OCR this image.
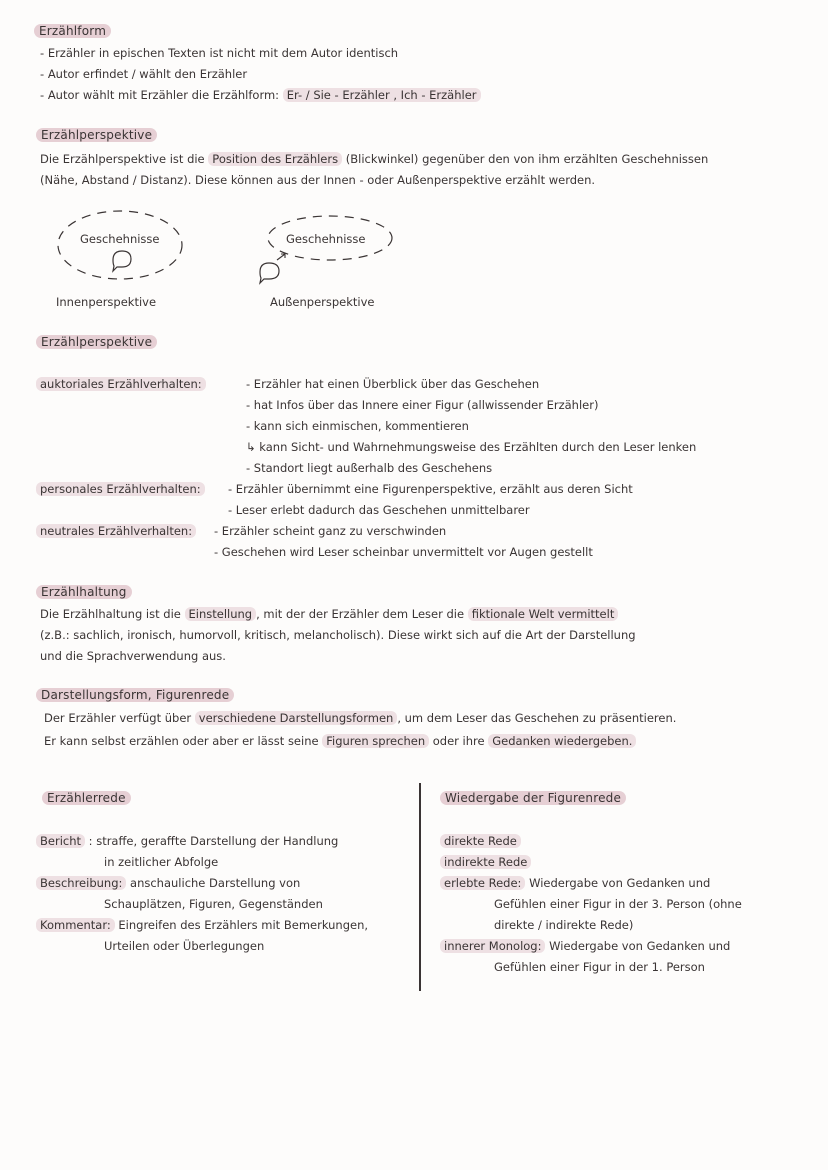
Erzählform
- Erzähler in epischen Texten ist nicht mit dem Autor identisch
- Autor erfindet / wählt den Erzähler
- Autor wählt mit Erzähler die Erzählform: Er- / Sie - Erzähler , Ich - Erzähler
Erzählperspektive
Die Erzählperspektive ist die Position des Erzählers (Blickwinkel) gegenüber den von ihm erzählten Geschehnissen
(Nähe, Abstand / Distanz). Diese können aus der Innen - oder Außenperspektive erzählt werden.
Geschehnisse
Innenperspektive
Geschehnisse
Außenperspektive
Erzählperspektive
auktoriales Erzählverhalten:	- Erzähler hat einen Überblick über das Geschehen
- hat Infos über das Innere einer Figur (allwissender Erzähler)
- kann sich einmischen, kommentieren
↳ kann Sicht- und Wahrnehmungsweise des Erzählten durch den Leser lenken
- Standort liegt außerhalb des Geschehens
personales Erzählverhalten:	- Erzähler übernimmt eine Figurenperspektive, erzählt aus deren Sicht
- Leser erlebt dadurch das Geschehen unmittelbarer
neutrales Erzählverhalten:	- Erzähler scheint ganz zu verschwinden
- Geschehen wird Leser scheinbar unvermittelt vor Augen gestellt
Erzählhaltung
Die Erzählhaltung ist die Einstellung , mit der der Erzähler dem Leser die fiktionale Welt vermittelt
(z.B.: sachlich, ironisch, humorvoll, kritisch, melancholisch). Diese wirkt sich auf die Art der Darstellung
und die Sprachverwendung aus.
Darstellungsform, Figurenrede
Der Erzähler verfügt über verschiedene Darstellungsformen , um dem Leser das Geschehen zu präsentieren.
Er kann selbst erzählen oder aber er lässt seine Figuren sprechen oder ihre Gedanken wiedergeben.
Erzählerrede
Bericht : straffe, geraffte Darstellung der Handlung
in zeitlicher Abfolge
Beschreibung: anschauliche Darstellung von
Schauplätzen, Figuren, Gegenständen
Kommentar: Eingreifen des Erzählers mit Bemerkungen,
Urteilen oder Überlegungen
Wiedergabe der Figurenrede
direkte Rede
indirekte Rede
erlebte Rede: Wiedergabe von Gedanken und
Gefühlen einer Figur in der 3. Person (ohne
direkte / indirekte Rede)
innerer Monolog: Wiedergabe von Gedanken und
Gefühlen einer Figur in der 1. Person
